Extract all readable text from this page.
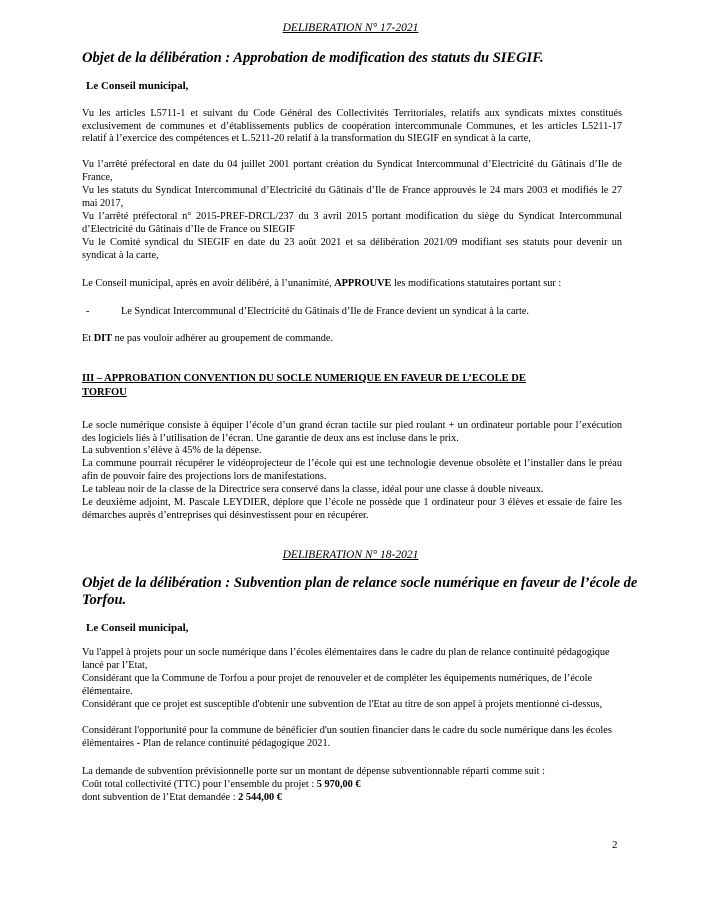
DELIBERATION N° 17-2021
Objet de la délibération : Approbation de modification des statuts du SIEGIF.
Le Conseil municipal,
Vu les articles L5711-1 et suivant du Code Général des Collectivités Territoriales, relatifs aux syndicats mixtes constitués exclusivement de communes et d’établissements publics de coopération intercommunale Communes, et les articles L5211-17 relatif à l’exercice des compétences et L.5211-20 relatif à la transformation du SIEGIF en syndicat à la carte,
Vu l’arrêté préfectoral en date du 04 juillet 2001 portant création du Syndicat Intercommunal d’Electricité du Gâtinais d’Ile de France,
Vu les statuts du Syndicat Intercommunal d’Electricité du Gâtinais d’Ile de France approuvés le 24 mars 2003 et modifiés le 27 mai 2017,
Vu l’arrêté préfectoral n° 2015-PREF-DRCL/237 du 3 avril 2015 portant modification du siège du Syndicat Intercommunal d’Electricité du Gâtinais d’Ile de France ou SIEGIF
Vu le Comité syndical du SIEGIF en date du 23 août 2021 et sa délibération 2021/09 modifiant ses statuts pour devenir un syndicat à la carte,
Le Conseil municipal, après en avoir délibéré, à l’unanimité, APPROUVE les modifications statutaires portant sur :
-	Le Syndicat Intercommunal d’Electricité du Gâtinais d’Ile de France devient un syndicat à la carte.
Et DIT ne pas vouloir adhérer au groupement de commande.
III – APPROBATION CONVENTION DU SOCLE NUMERIQUE EN FAVEUR DE L’ECOLE DE
TORFOU
Le socle numérique consiste à équiper l’école d’un grand écran tactile sur pied roulant + un ordinateur portable pour l’exécution des logiciels liés à l’utilisation de l’écran. Une garantie de deux ans est incluse dans le prix.
La subvention s’élève à 45% de la dépense.
La commune pourrait récupérer le vidéoprojecteur de l’école qui est une technologie devenue obsolète et l’installer dans le préau afin de pouvoir faire des projections lors de manifestations.
Le tableau noir de la classe de la Directrice sera conservé dans la classe, idéal pour une classe à double niveaux.
Le deuxième adjoint, M. Pascale LEYDIER, déplore que l’école ne possède que 1 ordinateur pour 3 élèves et essaie de faire les démarches auprès d’entreprises qui désinvestissent pour en récupérer.
DELIBERATION N° 18-2021
Objet de la délibération : Subvention plan de relance socle numérique en faveur de l’école de Torfou.
Le Conseil municipal,
Vu l'appel à projets pour un socle numérique dans l’écoles élémentaires dans le cadre du plan de relance continuité pédagogique lancé par l’Etat,
Considérant que la Commune de Torfou a pour projet de renouveler et de compléter les équipements numériques, de l’école élémentaire.
Considérant que ce projet est susceptible d'obtenir une subvention de l'Etat au titre de son appel à projets mentionné ci-dessus,
Considérant l'opportunité pour la commune de bénéficier d'un soutien financier dans le cadre du socle numérique dans les écoles élémentaires - Plan de relance continuité pédagogique 2021.
La demande de subvention prévisionnelle porte sur un montant de dépense subventionnable réparti comme suit :
Coût total collectivité (TTC) pour l’ensemble du projet : 5 970,00 €
dont subvention de l’Etat demandée : 2 544,00 €
2
